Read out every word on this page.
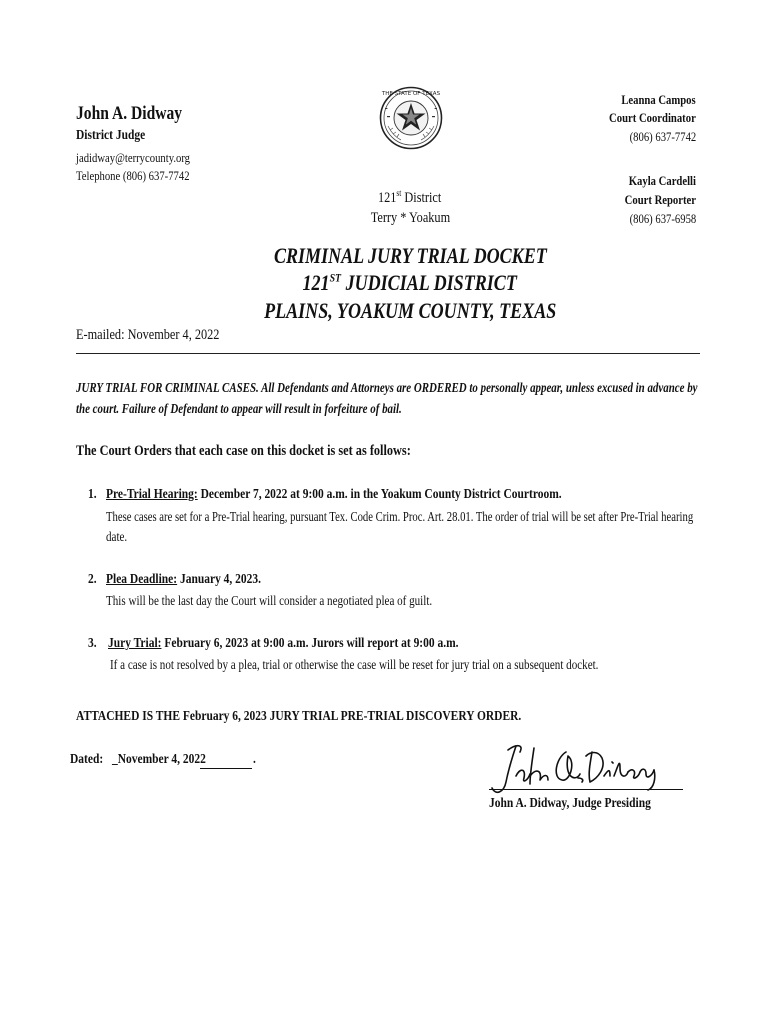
John A. Didway
District Judge
jadidway@terrycounty.org
Telephone (806) 637-7742
THE STATE OF TEXAS
121st District
Terry * Yoakum
Leanna Campos
Court Coordinator
(806) 637-7742
Kayla Cardelli
Court Reporter
(806) 637-6958
CRIMINAL JURY TRIAL DOCKET
121ST JUDICIAL DISTRICT
PLAINS, YOAKUM COUNTY, TEXAS
E-mailed: November 4, 2022
JURY TRIAL FOR CRIMINAL CASES. All Defendants and Attorneys are ORDERED to personally appear, unless excused in advance by
the court. Failure of Defendant to appear will result in forfeiture of bail.
The Court Orders that each case on this docket is set as follows:
1. Pre-Trial Hearing: December 7, 2022 at 9:00 a.m. in the Yoakum County District Courtroom.
These cases are set for a Pre-Trial hearing, pursuant Tex. Code Crim. Proc. Art. 28.01. The order of trial will be set after Pre-Trial hearing
date.
2. Plea Deadline: January 4, 2023.
This will be the last day the Court will consider a negotiated plea of guilt.
3. Jury Trial: February 6, 2023 at 9:00 a.m. Jurors will report at 9:00 a.m.
If a case is not resolved by a plea, trial or otherwise the case will be reset for jury trial on a subsequent docket.
ATTACHED IS THE February 6, 2023 JURY TRIAL PRE-TRIAL DISCOVERY ORDER.
Dated: _November 4, 2022	.
John A. Didway, Judge Presiding
